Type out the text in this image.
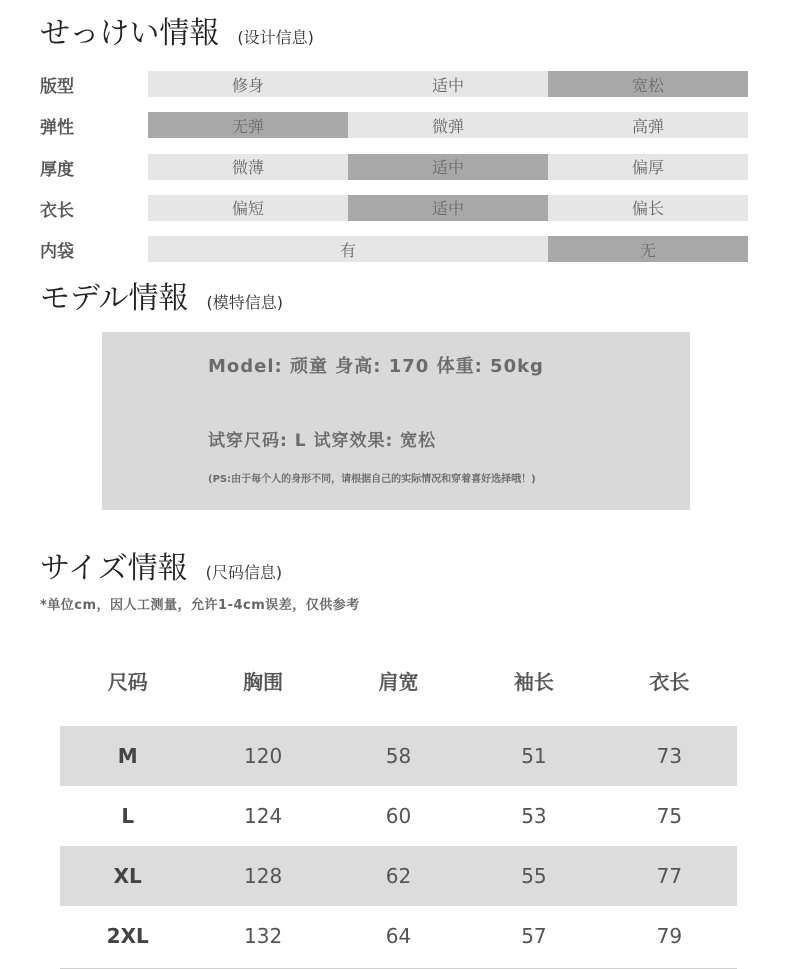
せっけい情報 (设计信息)
版型	修身	适中	宽松
弹性	无弹	微弹	高弹
厚度	微薄	适中	偏厚
衣长	偏短	适中	偏长
内袋	有	无
モデル情報 (模特信息)
Model: 顽童 身高: 170 体重: 50kg
试穿尺码: L 试穿效果: 宽松
(PS:由于每个人的身形不同，请根据自己的实际情况和穿着喜好选择哦！)
サイズ情報 (尺码信息)
*单位cm，因人工测量，允许1-4cm误差，仅供参考
尺码	胸围	肩宽	袖长	衣长
M	120	58	51	73
L	124	60	53	75
XL	128	62	55	77
2XL	132	64	57	79
